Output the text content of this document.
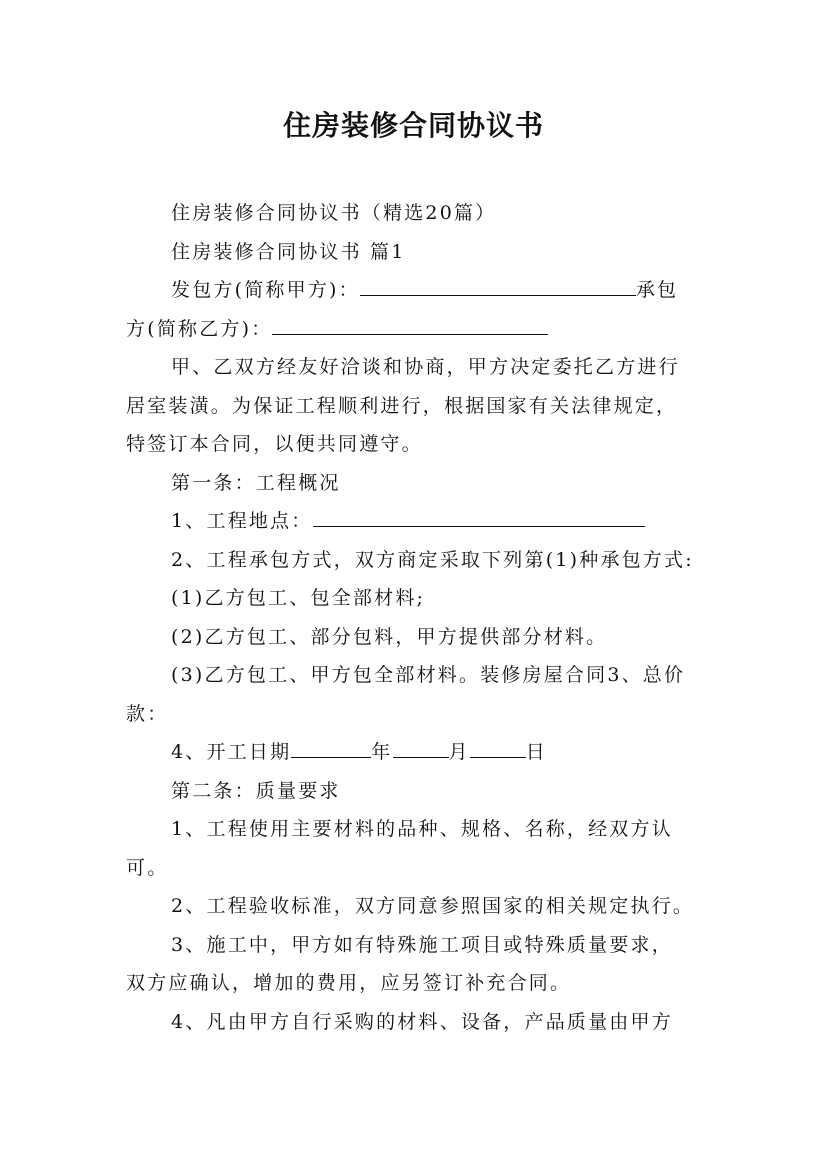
住房装修合同协议书
住房装修合同协议书（精选20篇）
住房装修合同协议书 篇1
发包方(简称甲方)：	承包
方(简称乙方)：
甲、乙双方经友好洽谈和协商，甲方决定委托乙方进行
居室装潢。为保证工程顺利进行，根据国家有关法律规定，
特签订本合同，以便共同遵守。
第一条：工程概况
1、工程地点：
2、工程承包方式，双方商定采取下列第(1)种承包方式:
(1)乙方包工、包全部材料;
(2)乙方包工、部分包料，甲方提供部分材料。
(3)乙方包工、甲方包全部材料。装修房屋合同3、总价
款：
4、开工日期	年	月	日
第二条：质量要求
1、工程使用主要材料的品种、规格、名称，经双方认
可。
2、工程验收标准，双方同意参照国家的相关规定执行。
3、施工中，甲方如有特殊施工项目或特殊质量要求，
双方应确认，增加的费用，应另签订补充合同。
4、凡由甲方自行采购的材料、设备，产品质量由甲方
